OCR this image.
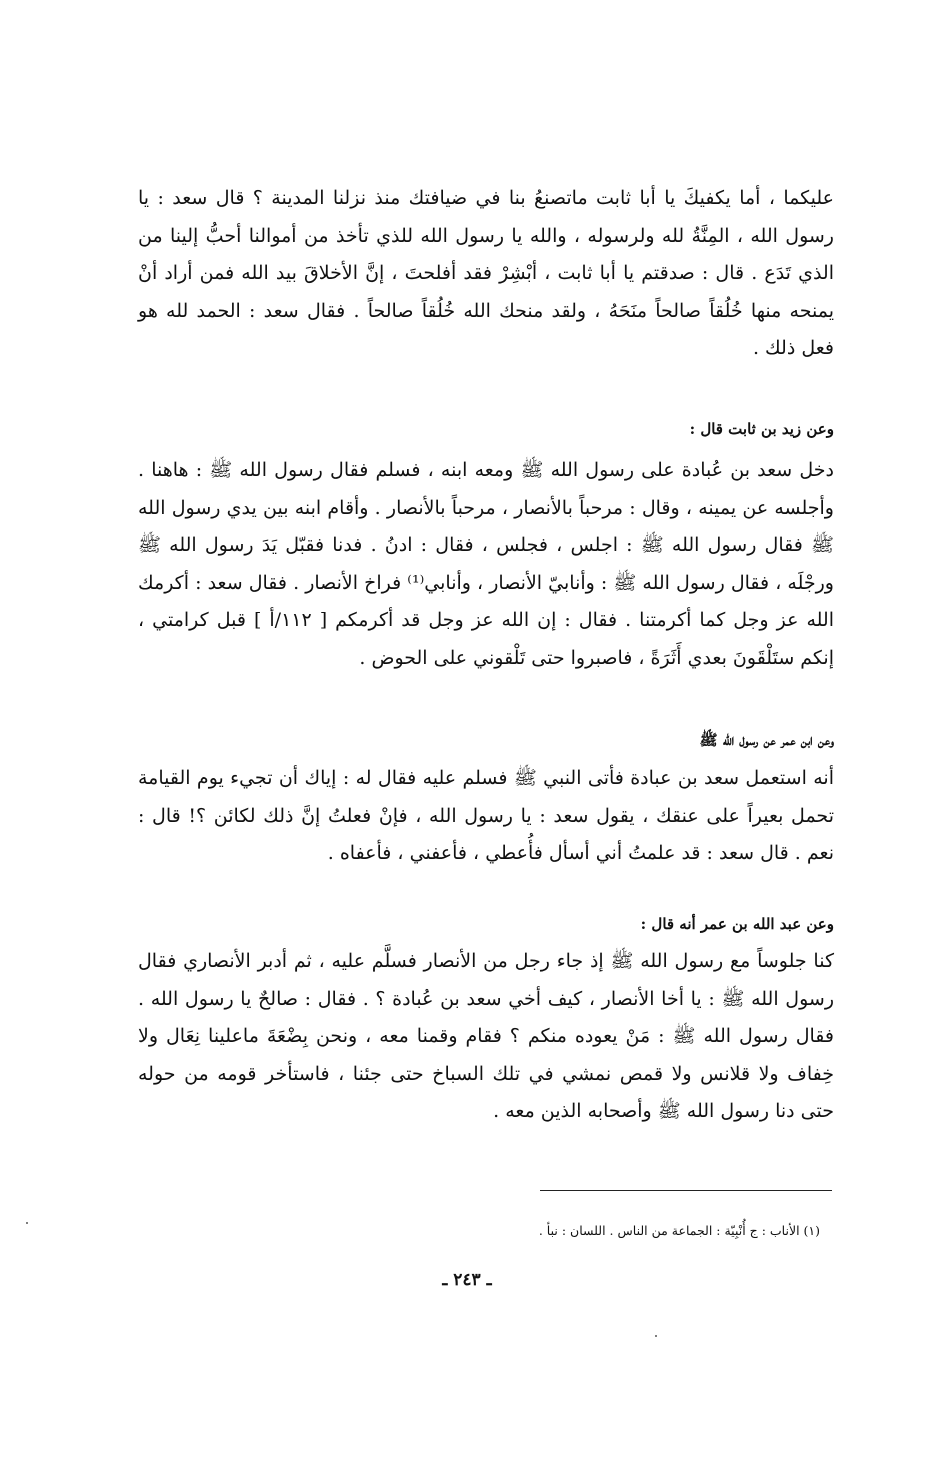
عليكما ، أما يكفيكَ يا أبا ثابت ماتصنعُ بنا في ضيافتك منذ نزلنا المدينة ؟ قال سعد : يا رسول الله ، المِنَّةُ لله ولرسوله ، والله يا رسول الله للذي تأخذ من أموالنا أحبُّ إلينا من الذي تَدَع . قال : صدقتم يا أبا ثابت ، أبْشِرْ فقد أفلحتَ ، إنَّ الأخلاقَ بيد الله فمن أراد أنْ يمنحه منها خُلُقاً صالحاً منَحَهُ ، ولقد منحك الله خُلُقاً صالحاً . فقال سعد : الحمد لله هو فعل ذلك .

وعن زيد بن ثابت قال :

دخل سعد بن عُبادة على رسول الله ﷺ ومعه ابنه ، فسلم فقال رسول الله ﷺ : هاهنا . وأجلسه عن يمينه ، وقال : مرحباً بالأنصار ، مرحباً بالأنصار . وأقام ابنه بين يدي رسول الله ﷺ فقال رسول الله ﷺ : اجلس ، فجلس ، فقال : ادنُ . فدنا فقبّل يَدَ رسول الله ﷺ ورجْلَه ، فقال رسول الله ﷺ : وأنابيّ الأنصار ، وأنابي⁽¹⁾ فراخ الأنصار . فقال سعد : أكرمك الله عز وجل كما أكرمتنا . فقال : إن الله عز وجل قد أكرمكم [ ١١٢/أ ] قبل كرامتي ، إنكم ستَلْقَونَ بعدي أَثَرَةً ، فاصبروا حتى تَلْقوني على الحوض .

وعن ابن عمر عن رسول الله ﷺ

أنه استعمل سعد بن عبادة فأتى النبي ﷺ فسلم عليه فقال له : إياك أن تجيء يوم القيامة تحمل بعيراً على عنقك ، يقول سعد : يا رسول الله ، فإنْ فعلتُ إنَّ ذلك لكائن ؟! قال : نعم . قال سعد : قد علمتُ أني أسأل فأُعطي ، فأعفني ، فأعفاه .

وعن عبد الله بن عمر أنه قال :

كنا جلوساً مع رسول الله ﷺ إذ جاء رجل من الأنصار فسلَّم عليه ، ثم أدبر الأنصاري فقال رسول الله ﷺ : يا أخا الأنصار ، كيف أخي سعد بن عُبادة ؟ . فقال : صالحٌ يا رسول الله . فقال رسول الله ﷺ : مَنْ يعوده منكم ؟ فقام وقمنا معه ، ونحن بِضْعَةَ ماعلينا نِعَال ولا خِفاف ولا قلانس ولا قمص نمشي في تلك السباخ حتى جئنا ، فاستأخر قومه من حوله حتى دنا رسول الله ﷺ وأصحابه الذين معه .

(١) الأناب : ج أُنْبِيّة : الجماعة من الناس . اللسان : نبأ .

ـ ٢٤٣ ـ
